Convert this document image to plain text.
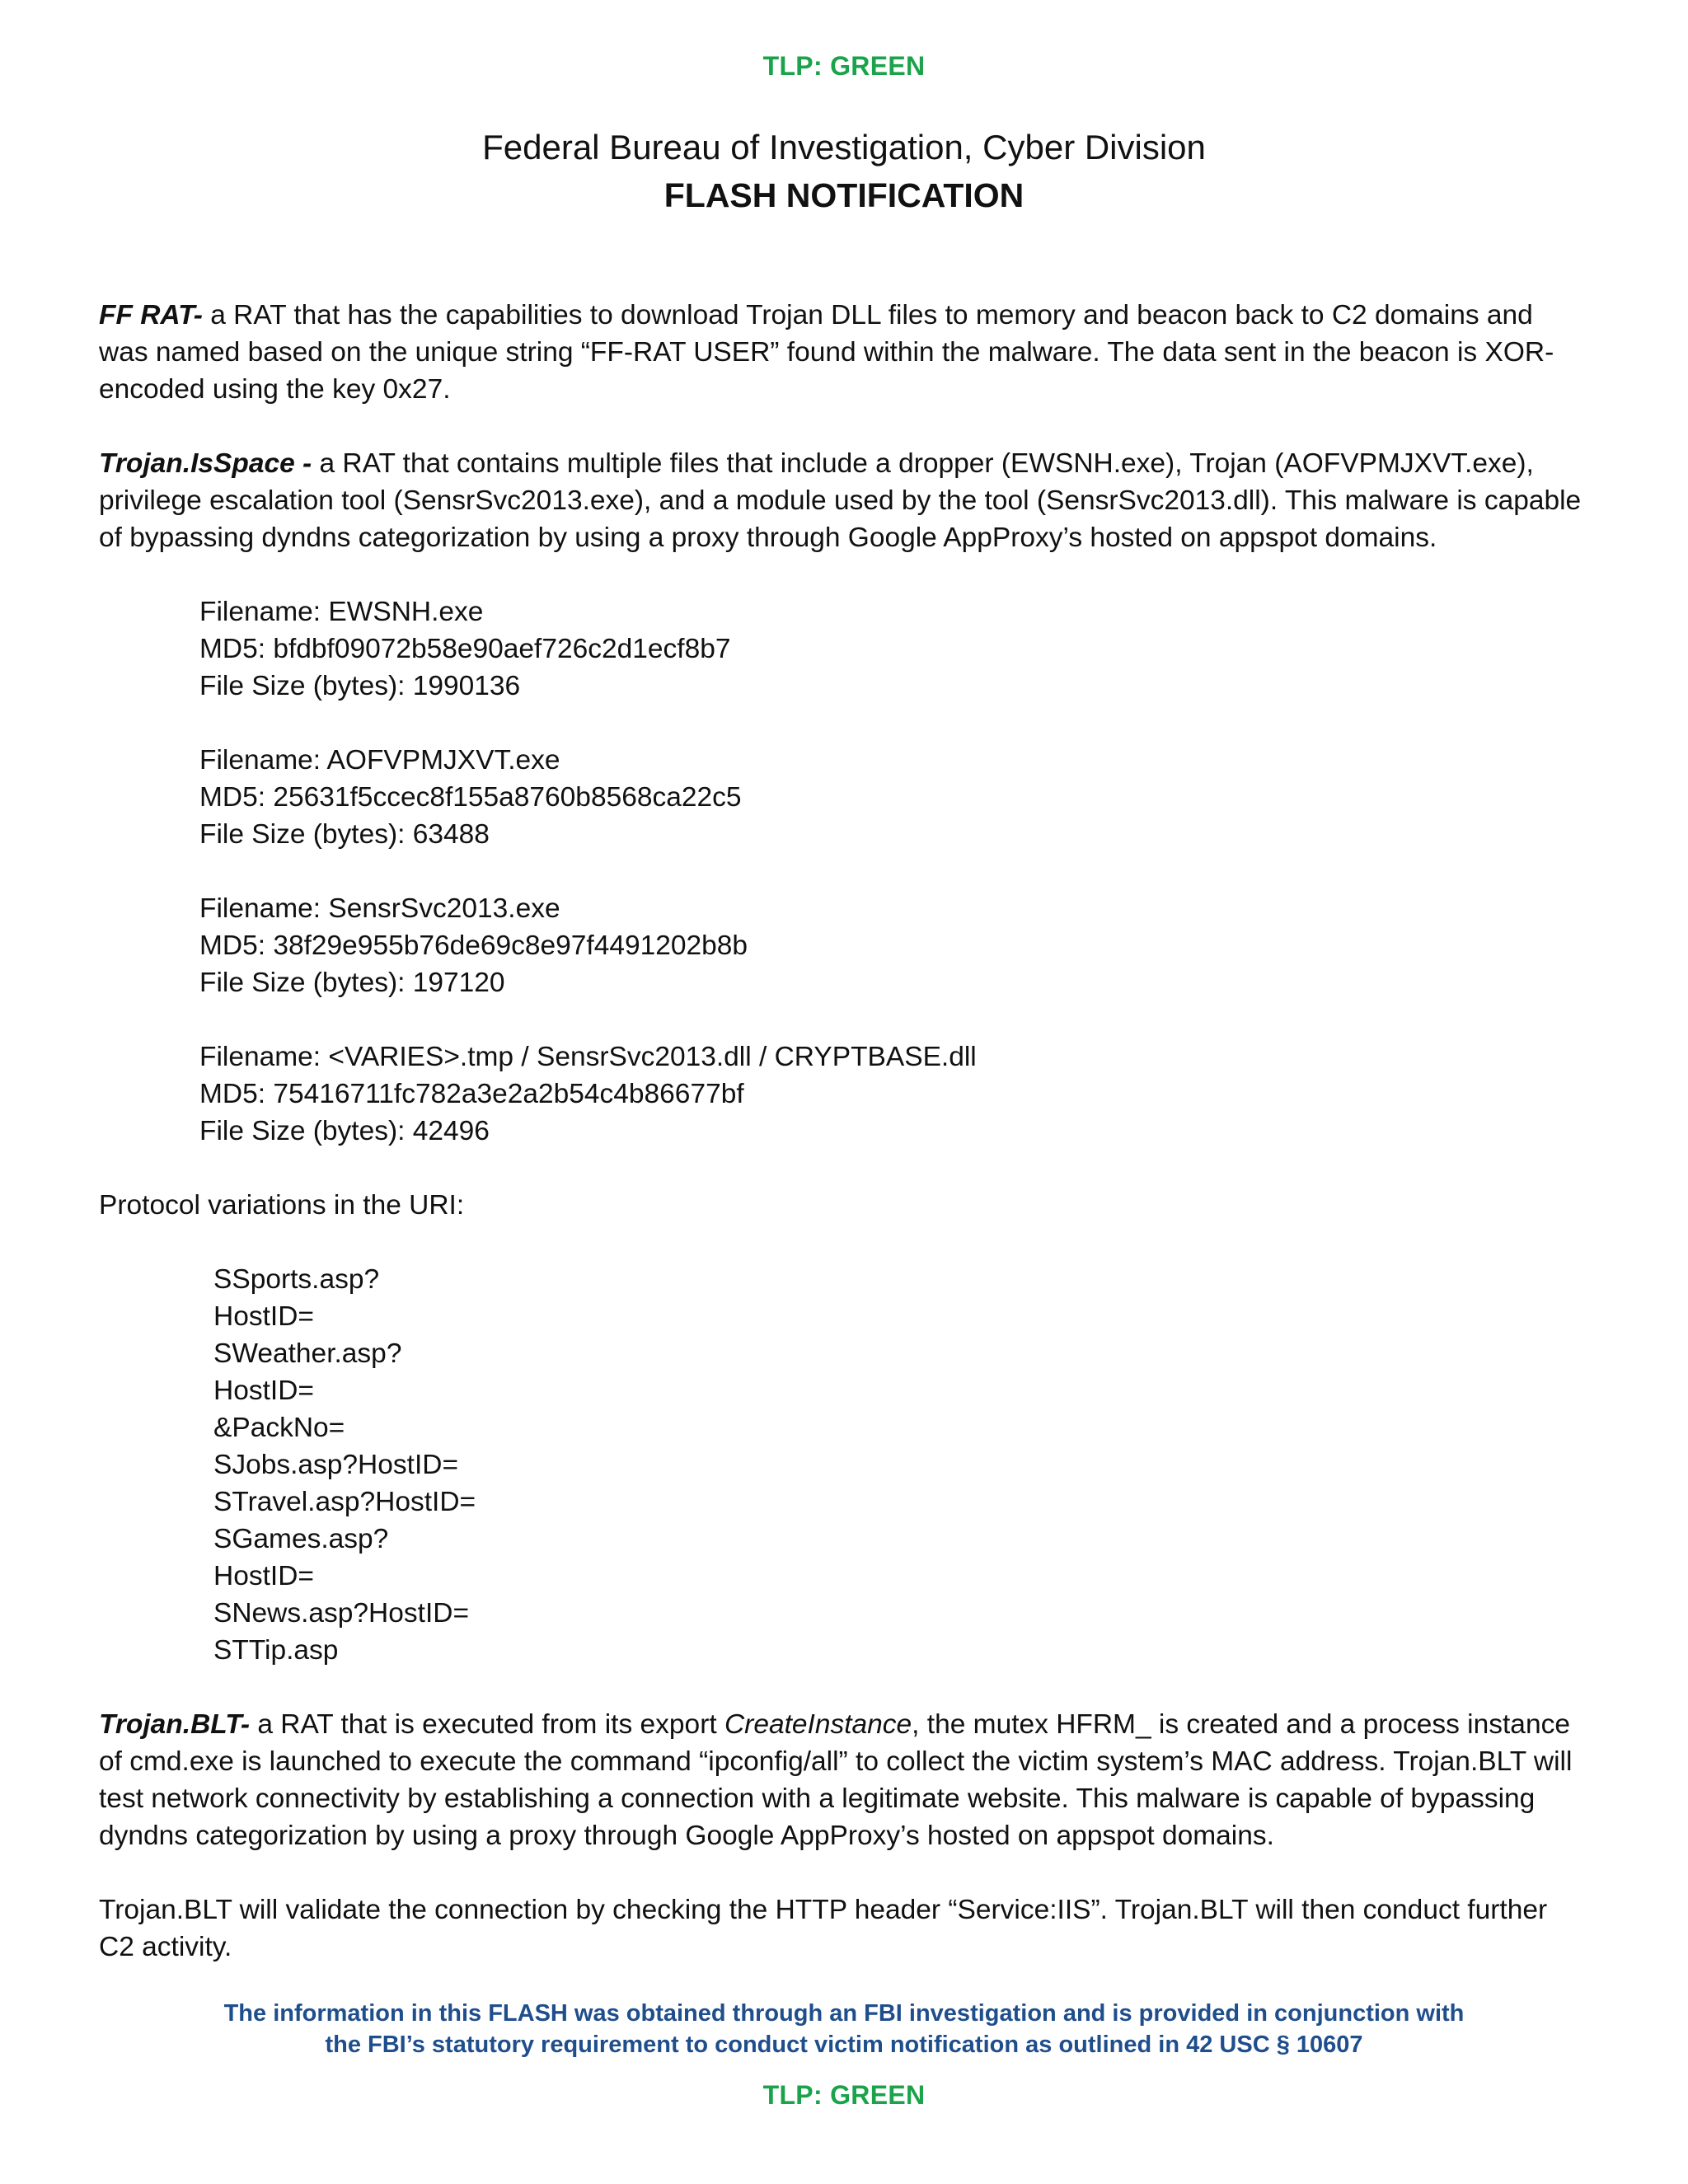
TLP: GREEN
Federal Bureau of Investigation, Cyber Division
FLASH NOTIFICATION

FF RAT- a RAT that has the capabilities to download Trojan DLL files to memory and beacon back to C2 domains and was named based on the unique string “FF-RAT USER” found within the malware. The data sent in the beacon is XOR-encoded using the key 0x27.

Trojan.IsSpace - a RAT that contains multiple files that include a dropper (EWSNH.exe), Trojan (AOFVPMJXVT.exe), privilege escalation tool (SensrSvc2013.exe), and a module used by the tool (SensrSvc2013.dll). This malware is capable of bypassing dyndns categorization by using a proxy through Google AppProxy’s hosted on appspot domains.

Filename: EWSNH.exe
MD5: bfdbf09072b58e90aef726c2d1ecf8b7
File Size (bytes): 1990136
Filename: AOFVPMJXVT.exe
MD5: 25631f5ccec8f155a8760b8568ca22c5
File Size (bytes): 63488
Filename: SensrSvc2013.exe
MD5: 38f29e955b76de69c8e97f4491202b8b
File Size (bytes): 197120
Filename: <VARIES>.tmp / SensrSvc2013.dll / CRYPTBASE.dll
MD5: 75416711fc782a3e2a2b54c4b86677bf
File Size (bytes): 42496
Protocol variations in the URI:
SSports.asp?
HostID=
SWeather.asp?
HostID=
&PackNo=
SJobs.asp?HostID=
STravel.asp?HostID=
SGames.asp?
HostID=
SNews.asp?HostID=
STTip.asp

Trojan.BLT- a RAT that is executed from its export CreateInstance, the mutex HFRM_ is created and a process instance of cmd.exe is launched to execute the command “ipconfig/all” to collect the victim system’s MAC address. Trojan.BLT will test network connectivity by establishing a connection with a legitimate website. This malware is capable of bypassing dyndns categorization by using a proxy through Google AppProxy’s hosted on appspot domains.

Trojan.BLT will validate the connection by checking the HTTP header “Service:IIS”. Trojan.BLT will then conduct further C2 activity.

The information in this FLASH was obtained through an FBI investigation and is provided in conjunction with
the FBI’s statutory requirement to conduct victim notification as outlined in 42 USC § 10607
TLP: GREEN
